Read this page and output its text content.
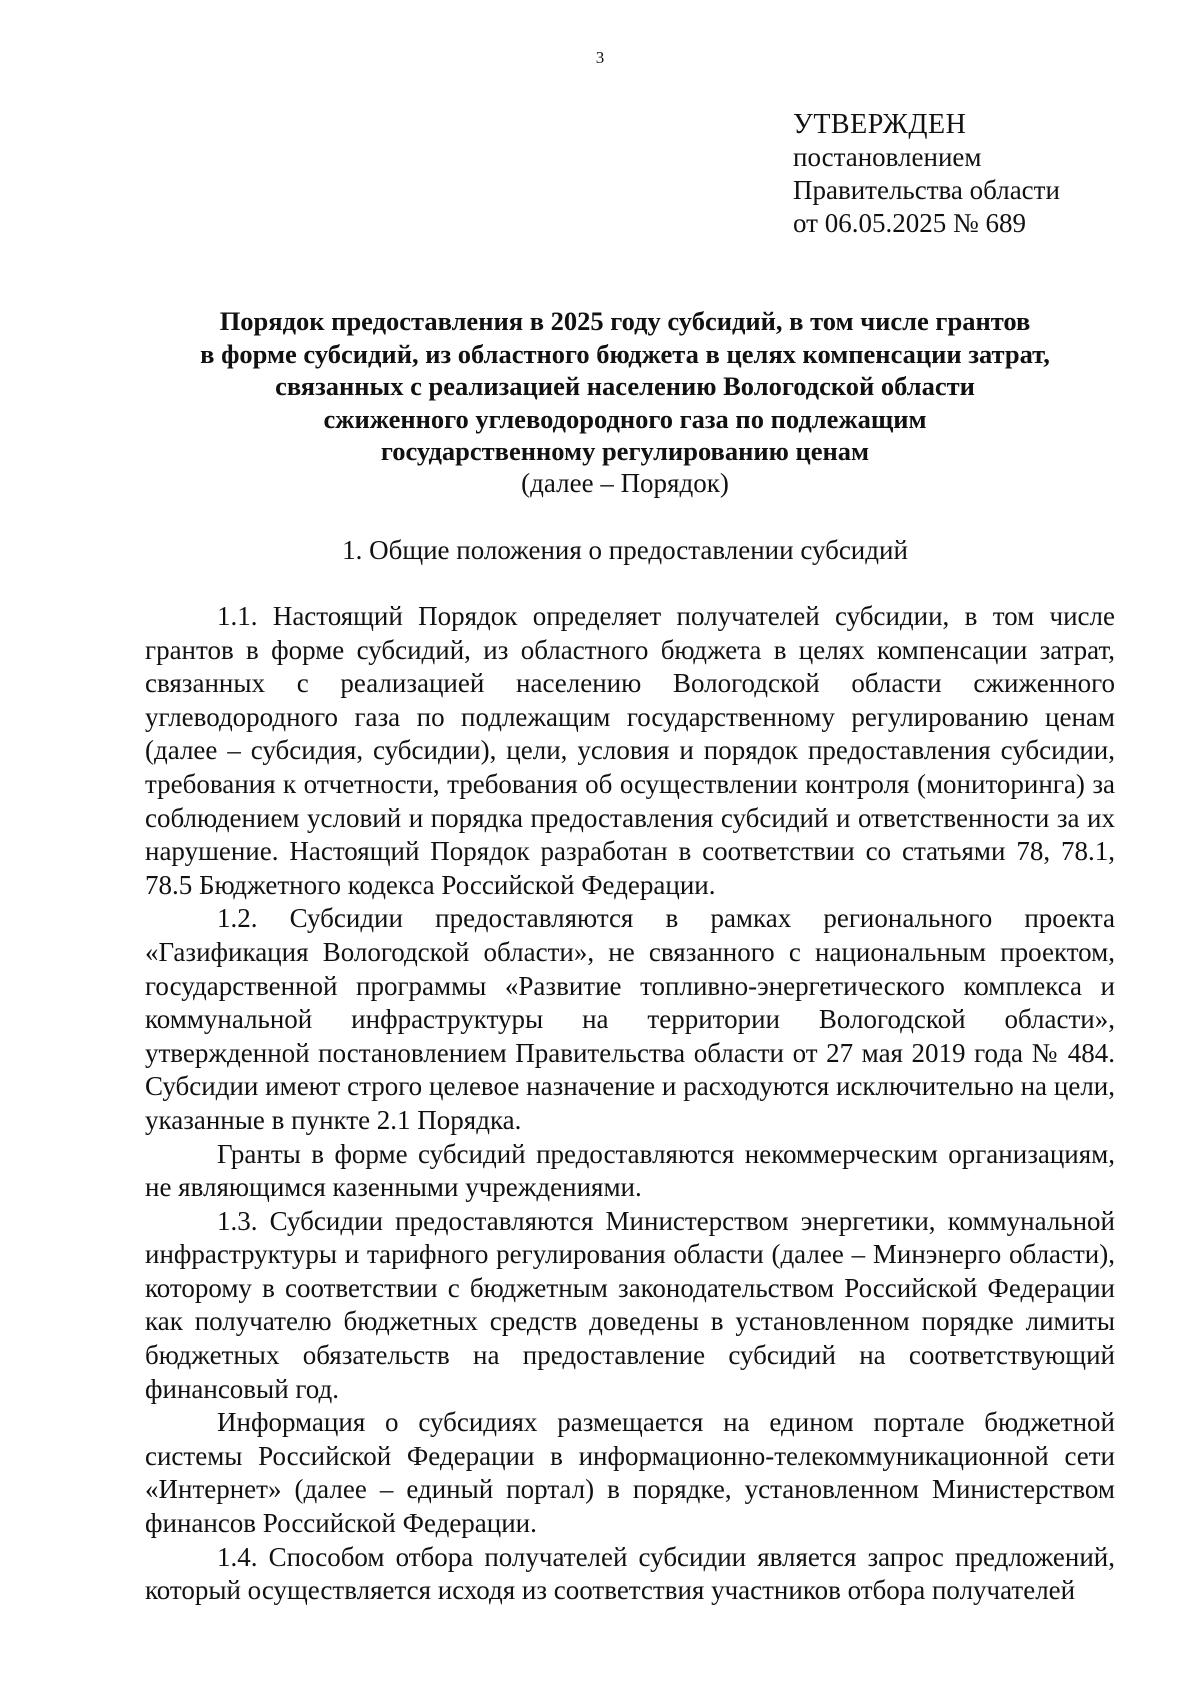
3
УТВЕРЖДЕН
постановлением
Правительства области
от 06.05.2025 № 689
Порядок предоставления в 2025 году субсидий, в том числе грантов
в форме субсидий, из областного бюджета в целях компенсации затрат,
связанных с реализацией населению Вологодской области
сжиженного углеводородного газа по подлежащим
государственному регулированию ценам
(далее – Порядок)
1. Общие положения о предоставлении субсидий

1.1. Настоящий Порядок определяет получателей субсидии, в том числе грантов в форме субсидий, из областного бюджета в целях компенсации затрат, связанных с реализацией населению Вологодской области сжиженного углеводородного газа по подлежащим государственному регулированию ценам (далее – субсидия, субсидии), цели, условия и порядок предоставления субсидии, требования к отчетности, требования об осуществлении контроля (мониторинга) за соблюдением условий и порядка предоставления субсидий и ответственности за их нарушение. Настоящий Порядок разработан в соответствии со статьями 78, 78.1, 78.5 Бюджетного кодекса Российской Федерации.

1.2. Субсидии предоставляются в рамках регионального проекта «Газификация Вологодской области», не связанного с национальным проектом, государственной программы «Развитие топливно-энергетического комплекса и коммунальной инфраструктуры на территории Вологодской области», утвержденной постановлением Правительства области от 27 мая 2019 года № 484. Субсидии имеют строго целевое назначение и расходуются исключительно на цели, указанные в пункте 2.1 Порядка.

Гранты в форме субсидий предоставляются некоммерческим организациям, не являющимся казенными учреждениями.

1.3. Субсидии предоставляются Министерством энергетики, коммунальной инфраструктуры и тарифного регулирования области (далее – Минэнерго области), которому в соответствии с бюджетным законодательством Российской Федерации как получателю бюджетных средств доведены в установленном порядке лимиты бюджетных обязательств на предоставление субсидий на соответствующий финансовый год.

Информация о субсидиях размещается на едином портале бюджетной системы Российской Федерации в информационно-телекоммуникационной сети «Интернет» (далее – единый портал) в порядке, установленном Министерством финансов Российской Федерации.

1.4. Способом отбора получателей субсидии является запрос предложений, который осуществляется исходя из соответствия участников отбора получателей
